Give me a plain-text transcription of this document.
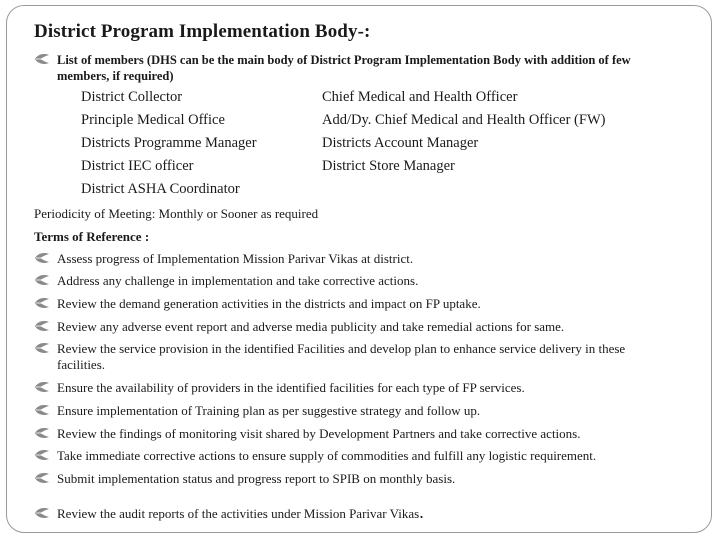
District Program Implementation Body-:
List of members (DHS can be the main body of District Program Implementation Body with addition of few members, if required)
District Collector
Principle Medical Office
Districts Programme Manager
District IEC officer
District ASHA Coordinator
Chief Medical and Health Officer
Add/Dy. Chief Medical and Health Officer (FW)
Districts Account Manager
District Store Manager
Periodicity of Meeting: Monthly or Sooner as required
Terms of Reference :
Assess progress of Implementation Mission Parivar Vikas at district.
Address any challenge in implementation and take corrective actions.
Review the demand generation activities in the districts and impact on FP uptake.
Review any adverse event report and adverse media publicity and take remedial actions for same.
Review the service provision in the identified Facilities and develop plan to enhance service delivery in these facilities.
Ensure the availability of providers in the identified facilities for each type of FP services.
Ensure implementation of Training plan as per suggestive strategy and follow up.
Review the findings of monitoring visit shared by Development Partners and take corrective actions.
Take immediate corrective actions to ensure supply of commodities and fulfill any logistic requirement.
Submit implementation status and progress report to SPIB on monthly basis.
Review the audit reports of the activities under Mission Parivar Vikas.
